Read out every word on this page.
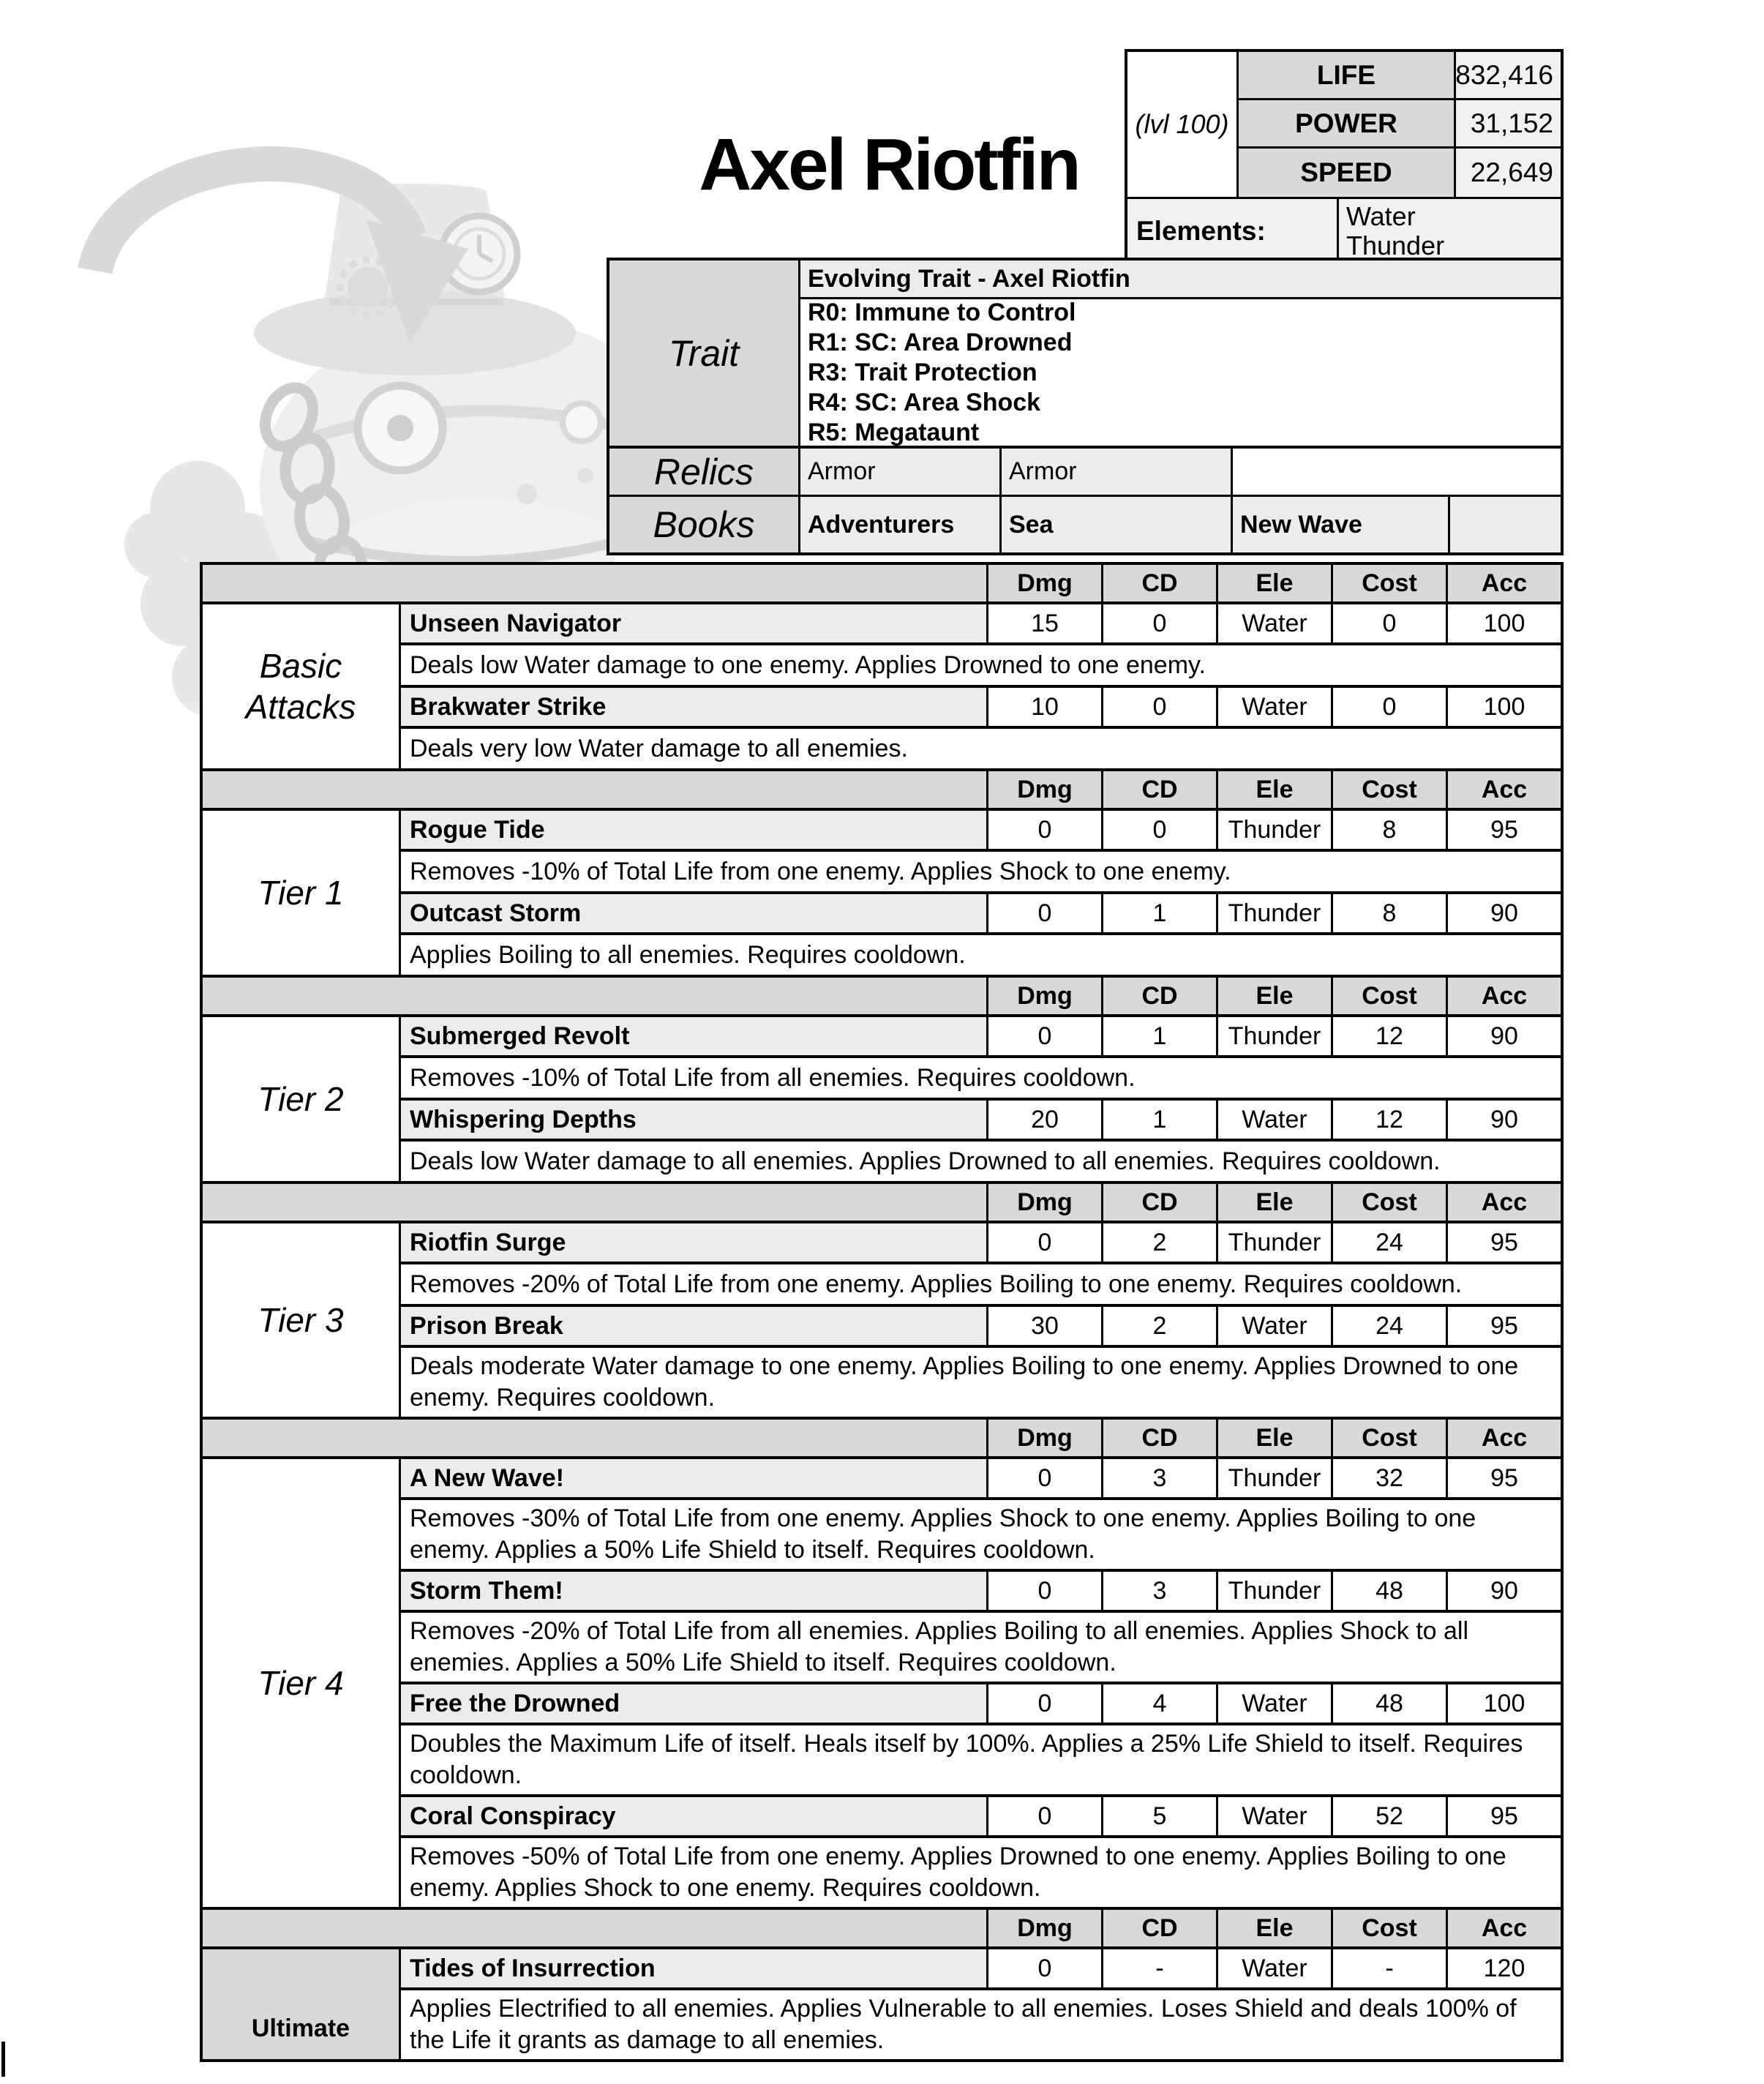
Axel Riotfin	(lvl 100)
LIFE	832,416
POWER	31,152
SPEED	22,649
Elements:	Water
Thunder
Trait
Evolving Trait - Axel Riotfin
R0: Immune to Control
R1: SC: Area Drowned
R3: Trait Protection
R4: SC: Area Shock
R5: Megataunt
Relics	Armor	Armor
Books	Adventurers	Sea	New Wave
Dmg	CD	Ele	Cost	Acc
Basic Attacks
Unseen Navigator	15	0	Water	0	100
Deals low Water damage to one enemy. Applies Drowned to one enemy.
Brakwater Strike	10	0	Water	0	100
Deals very low Water damage to all enemies.
Dmg	CD	Ele	Cost	Acc
Tier 1
Rogue Tide	0	0	Thunder	8	95
Removes -10% of Total Life from one enemy. Applies Shock to one enemy.
Outcast Storm	0	1	Thunder	8	90
Applies Boiling to all enemies. Requires cooldown.
Dmg	CD	Ele	Cost	Acc
Tier 2
Submerged Revolt	0	1	Thunder	12	90
Removes -10% of Total Life from all enemies. Requires cooldown.
Whispering Depths	20	1	Water	12	90
Deals low Water damage to all enemies. Applies Drowned to all enemies. Requires cooldown.
Dmg	CD	Ele	Cost	Acc
Tier 3
Riotfin Surge	0	2	Thunder	24	95
Removes -20% of Total Life from one enemy. Applies Boiling to one enemy. Requires cooldown.
Prison Break	30	2	Water	24	95
Deals moderate Water damage to one enemy. Applies Boiling to one enemy. Applies Drowned to one enemy. Requires cooldown.
Dmg	CD	Ele	Cost	Acc
Tier 4
A New Wave!	0	3	Thunder	32	95
Removes -30% of Total Life from one enemy. Applies Shock to one enemy. Applies Boiling to one enemy. Applies a 50% Life Shield to itself. Requires cooldown.
Storm Them!	0	3	Thunder	48	90
Removes -20% of Total Life from all enemies. Applies Boiling to all enemies. Applies Shock to all enemies. Applies a 50% Life Shield to itself. Requires cooldown.
Free the Drowned	0	4	Water	48	100
Doubles the Maximum Life of itself. Heals itself by 100%. Applies a 25% Life Shield to itself. Requires cooldown.
Coral Conspiracy	0	5	Water	52	95
Removes -50% of Total Life from one enemy. Applies Drowned to one enemy. Applies Boiling to one enemy. Applies Shock to one enemy. Requires cooldown.
Dmg	CD	Ele	Cost	Acc
Ultimate
Tides of Insurrection	0	-	Water	-	120
Applies Electrified to all enemies. Applies Vulnerable to all enemies. Loses Shield and deals 100% of the Life it grants as damage to all enemies.
